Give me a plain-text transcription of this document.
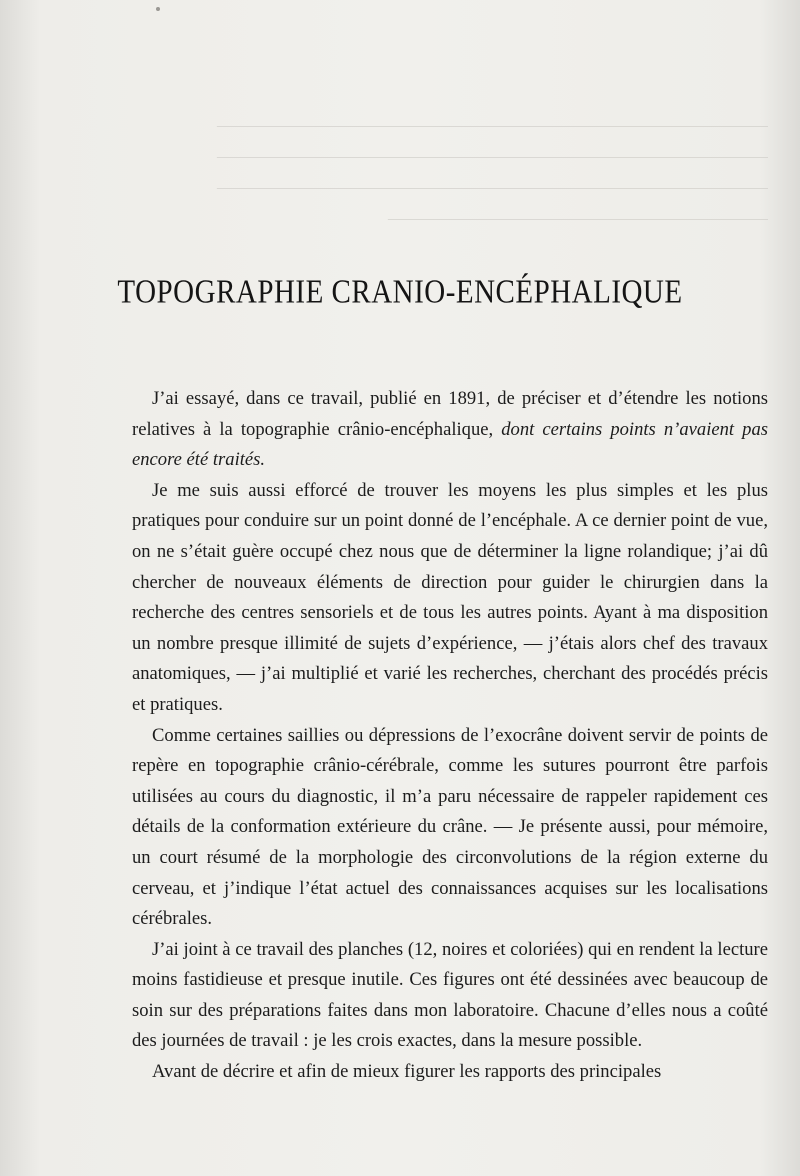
—————————————————————————————
—————————————————————————————
—————————————————————————————
————————————————————
TOPOGRAPHIE CRANIO-ENCÉPHALIQUE

J’ai essayé, dans ce travail, publié en 1891, de préciser et d’étendre les notions relatives à la topographie crânio-encéphalique, dont certains points n’avaient pas encore été traités.

Je me suis aussi efforcé de trouver les moyens les plus simples et les plus pratiques pour conduire sur un point donné de l’encéphale. A ce dernier point de vue, on ne s’était guère occupé chez nous que de déterminer la ligne rolandique; j’ai dû chercher de nouveaux éléments de direction pour guider le chirurgien dans la recherche des centres sensoriels et de tous les autres points. Ayant à ma disposition un nombre presque illimité de sujets d’expérience, — j’étais alors chef des travaux anatomiques, — j’ai multiplié et varié les recherches, cherchant des procédés précis et pratiques.

Comme certaines saillies ou dépressions de l’exocrâne doivent servir de points de repère en topographie crânio-cérébrale, comme les sutures pourront être parfois utilisées au cours du diagnostic, il m’a paru nécessaire de rappeler rapidement ces détails de la conformation extérieure du crâne. — Je présente aussi, pour mémoire, un court résumé de la morphologie des circonvolutions de la région externe du cerveau, et j’indique l’état actuel des connaissances acquises sur les localisations cérébrales.

J’ai joint à ce travail des planches (12, noires et coloriées) qui en rendent la lecture moins fastidieuse et presque inutile. Ces figures ont été dessinées avec beaucoup de soin sur des préparations faites dans mon laboratoire. Chacune d’elles nous a coûté des journées de travail : je les crois exactes, dans la mesure possible.

Avant de décrire et afin de mieux figurer les rapports des principales
